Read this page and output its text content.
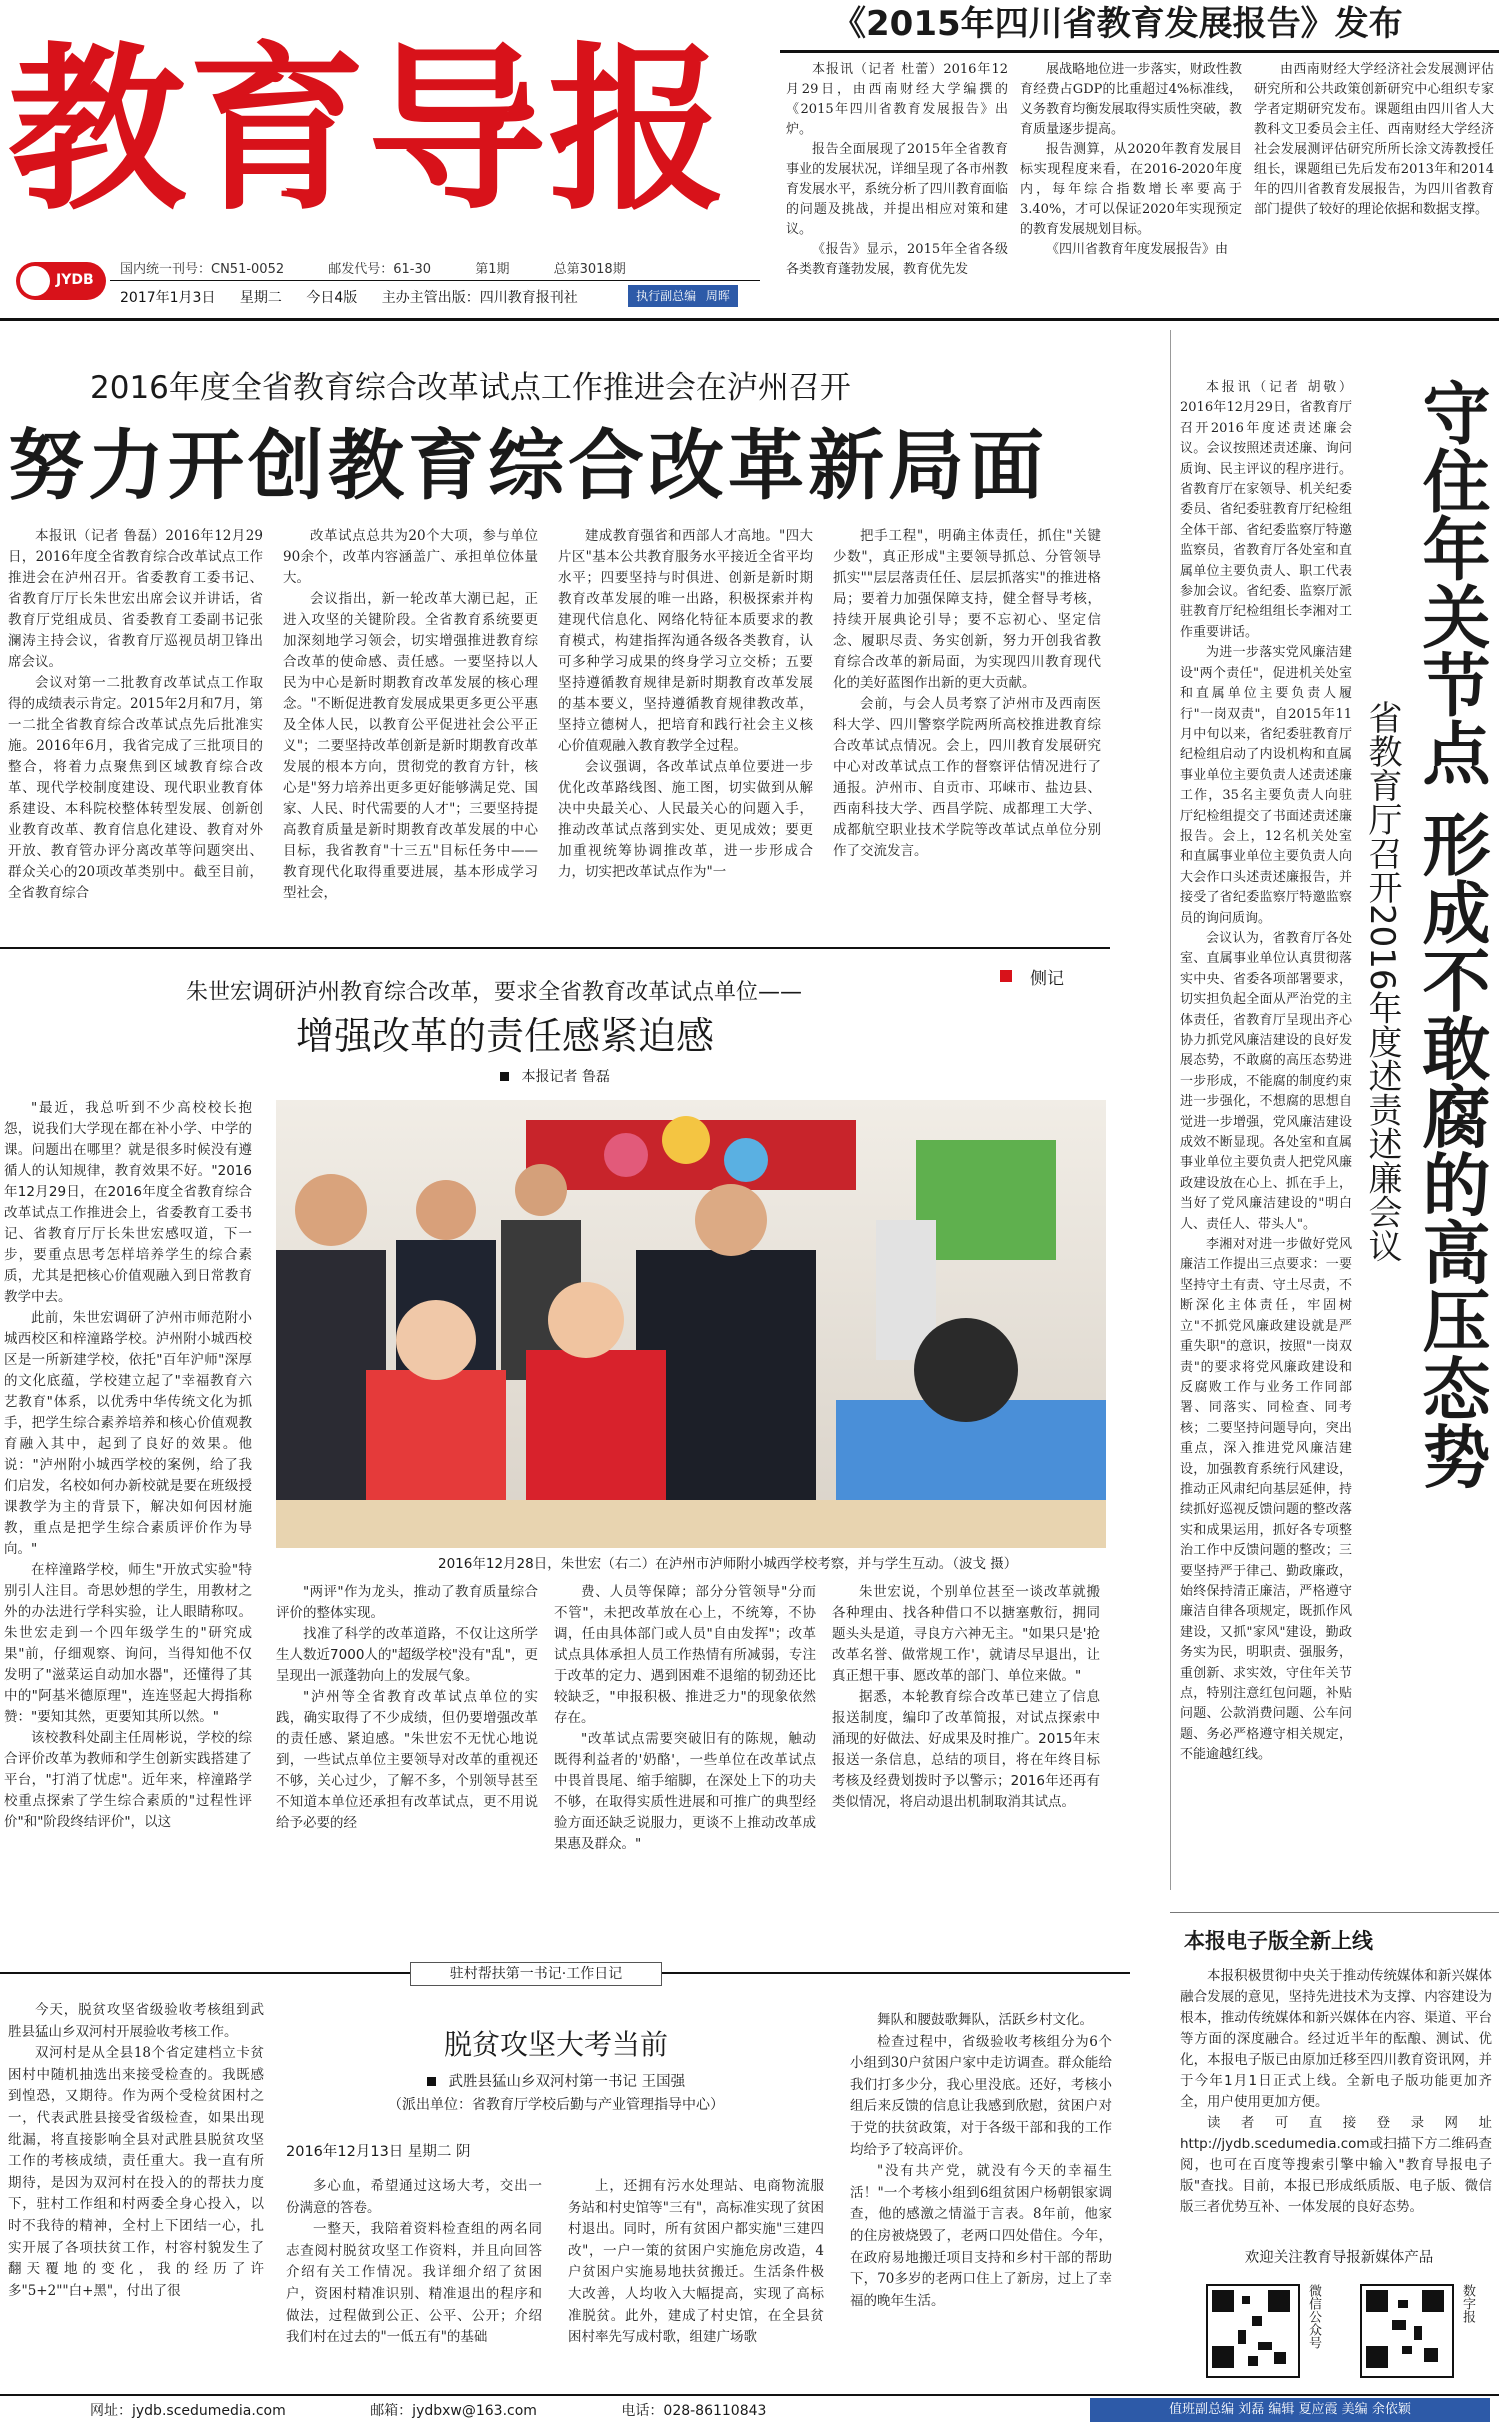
教 育 导 报
国内统一刊号：CN51-0052	邮发代号：61-30	第1期	总第3018期
JYDB
2017年1月3日 星期二 今日4版 主办主管出版：四川教育报刊社	执行副总编 周晖
《2015年四川省教育发展报告》发布

本报讯（记者 杜蕾）2016年12月29日，由西南财经大学编撰的《2015年四川省教育发展报告》出炉。

报告全面展现了2015年全省教育事业的发展状况，详细呈现了各市州教育发展水平，系统分析了四川教育面临的问题及挑战，并提出相应对策和建议。

《报告》显示，2015年全省各级各类教育蓬勃发展，教育优先发

展战略地位进一步落实，财政性教育经费占GDP的比重超过4%标准线，义务教育均衡发展取得实质性突破，教育质量逐步提高。

报告测算，从2020年教育发展目标实现程度来看，在2016-2020年度内，每年综合指数增长率要高于3.40%，才可以保证2020年实现预定的教育发展规划目标。

《四川省教育年度发展报告》由

由西南财经大学经济社会发展测评估研究所和公共政策创新研究中心组织专家学者定期研究发布。课题组由四川省人大教科文卫委员会主任、西南财经大学经济社会发展测评估研究所所长涂文涛教授任组长，课题组已先后发布2013年和2014年的四川省教育发展报告，为四川省教育部门提供了较好的理论依据和数据支撑。

2016年度全省教育综合改革试点工作推进会在泸州召开
努力开创教育综合改革新局面

本报讯（记者 鲁磊）2016年12月29日，2016年度全省教育综合改革试点工作推进会在泸州召开。省委教育工委书记、省教育厅厅长朱世宏出席会议并讲话，省教育厅党组成员、省委教育工委副书记张澜涛主持会议，省教育厅巡视员胡卫锋出席会议。

会议对第一二批教育改革试点工作取得的成绩表示肯定。2015年2月和7月，第一二批全省教育综合改革试点先后批准实施。2016年6月，我省完成了三批项目的整合，将着力点聚焦到区域教育综合改革、现代学校制度建设、现代职业教育体系建设、本科院校整体转型发展、创新创业教育改革、教育信息化建设、教育对外开放、教育管办评分离改革等问题突出、群众关心的20项改革类别中。截至目前，全省教育综合

改革试点总共为20个大项，参与单位90余个，改革内容涵盖广、承担单位体量大。

会议指出，新一轮改革大潮已起，正进入攻坚的关键阶段。全省教育系统要更加深刻地学习领会，切实增强推进教育综合改革的使命感、责任感。一要坚持以人民为中心是新时期教育改革发展的核心理念。"不断促进教育发展成果更多更公平惠及全体人民，以教育公平促进社会公平正义"；二要坚持改革创新是新时期教育改革发展的根本方向，贯彻党的教育方针，核心是"努力培养出更多更好能够满足党、国家、人民、时代需要的人才"；三要坚持提高教育质量是新时期教育改革发展的中心目标，我省教育"十三五"目标任务中——教育现代化取得重要进展，基本形成学习型社会，

建成教育强省和西部人才高地。"四大片区"基本公共教育服务水平接近全省平均水平；四要坚持与时俱进、创新是新时期教育改革发展的唯一出路，积极探索并构建现代信息化、网络化特征本质要求的教育模式，构建指挥沟通各级各类教育，认可多种学习成果的终身学习立交桥；五要坚持遵循教育规律是新时期教育改革发展的基本要义，坚持遵循教育规律教改革，坚持立德树人，把培育和践行社会主义核心价值观融入教育教学全过程。

会议强调，各改革试点单位要进一步优化改革路线图、施工图，切实做到从解决中央最关心、人民最关心的问题入手，推动改革试点落到实处、更见成效；要更加重视统筹协调推改革，进一步形成合力，切实把改革试点作为"一

把手工程"，明确主体责任，抓住"关键少数"，真正形成"主要领导抓总、分管领导抓实""层层落责任任、层层抓落实"的推进格局；要着力加强保障支持，健全督导考核，持续开展典论引导；要不忘初心、坚定信念、履职尽责、务实创新，努力开创我省教育综合改革的新局面，为实现四川教育现代化的美好蓝图作出新的更大贡献。

会前，与会人员考察了泸州市及西南医科大学、四川警察学院两所高校推进教育综合改革试点情况。会上，四川教育发展研究中心对改革试点工作的督察评估情况进行了通报。泸州市、自贡市、邛崃市、盐边县、西南科技大学、西昌学院、成都理工大学、成都航空职业技术学院等改革试点单位分别作了交流发言。	守住年关节点 形成不敢腐的高压态势
省教育厅召开2016年度述责述廉会议

本报讯（记者 胡敬）2016年12月29日，省教育厅召开2016年度述责述廉会议。会议按照述责述廉、询问质询、民主评议的程序进行。省教育厅在家领导、机关纪委委员、省纪委驻教育厅纪检组全体干部、省纪委监察厅特邀监察员，省教育厅各处室和直属单位主要负责人、职工代表参加会议。省纪委、监察厅派驻教育厅纪检组组长李湘对工作重要讲话。

为进一步落实党风廉洁建设"两个责任"，促进机关处室和直属单位主要负责人履行"一岗双责"，自2015年11月中旬以来，省纪委驻教育厅纪检组启动了内设机构和直属事业单位主要负责人述责述廉工作，35名主要负责人向驻厅纪检组提交了书面述责述廉报告。会上，12名机关处室和直属事业单位主要负责人向大会作口头述责述廉报告，并接受了省纪委监察厅特邀监察员的询问质询。

会议认为，省教育厅各处室、直属事业单位认真贯彻落实中央、省委各项部署要求，切实担负起全面从严治党的主体责任，省教育厅呈现出齐心协力抓党风廉洁建设的良好发展态势，不敢腐的高压态势进一步形成，不能腐的制度约束进一步强化，不想腐的思想自觉进一步增强，党风廉洁建设成效不断显现。各处室和直属事业单位主要负责人把党风廉政建设放在心上、抓在手上，当好了党风廉洁建设的"明白人、责任人、带头人"。

李湘对对进一步做好党风廉洁工作提出三点要求：一要坚持守土有责、守土尽责，不断深化主体责任，牢固树立"不抓党风廉政建设就是严重失职"的意识，按照"一岗双责"的要求将党风廉政建设和反腐败工作与业务工作同部署、同落实、同检查、同考核；二要坚持问题导向，突出重点，深入推进党风廉洁建设，加强教育系统行风建设，推动正风肃纪向基层延伸，持续抓好巡视反馈问题的整改落实和成果运用，抓好各专项整治工作中反馈问题的整改；三要坚持严于律己、勤政廉政，始终保持清正廉洁，严格遵守廉洁自律各项规定，既抓作风建设，又抓"家风"建设，勤政务实为民，明职责、强服务，重创新、求实效，守住年关节点，特别注意红包问题，补贴问题、公款消费问题、公车问题、务必严格遵守相关规定，不能逾越红线。

侧记
朱世宏调研泸州教育综合改革，要求全省教育改革试点单位——
增强改革的责任感紧迫感
本报记者 鲁磊

"最近，我总听到不少高校校长抱怨，说我们大学现在都在补小学、中学的课。问题出在哪里？就是很多时候没有遵循人的认知规律，教育效果不好。"2016年12月29日，在2016年度全省教育综合改革试点工作推进会上，省委教育工委书记、省教育厅厅长朱世宏感叹道，下一步，要重点思考怎样培养学生的综合素质，尤其是把核心价值观融入到日常教育教学中去。

此前，朱世宏调研了泸州市师范附小城西校区和梓潼路学校。泸州附小城西校区是一所新建学校，依托"百年沪师"深厚的文化底蕴，学校建立起了"幸福教育六艺教育"体系，以优秀中华传统文化为抓手，把学生综合素养培养和核心价值观教育融入其中，起到了良好的效果。他说："泸州附小城西学校的案例，给了我们启发，名校如何办新校就是要在班级授课教学为主的背景下，解决如何因材施教，重点是把学生综合素质评价作为导向。"

在梓潼路学校，师生"开放式实验"特别引人注目。奇思妙想的学生，用教材之外的办法进行学科实验，让人眼睛称叹。朱世宏走到一个四年级学生的"研究成果"前，仔细观察、询问，当得知他不仅发明了"滋菜运自动加水器"，还懂得了其中的"阿基米德原理"，连连竖起大拇指称赞："要知其然，更要知其所以然。"

该校教科处副主任周彬说，学校的综合评价改革为教师和学生创新实践搭建了平台，"打消了忧虑"。近年来，梓潼路学校重点探索了学生综合素质的"过程性评价"和"阶段终结评价"，以这

2016年12月28日，朱世宏（右二）在泸州市泸师附小城西学校考察，并与学生互动。（波戈 摄）

"两评"作为龙头，推动了教育质量综合评价的整体实现。

找准了科学的改革道路，不仅让这所学生人数近7000人的"超级学校"没有"乱"，更呈现出一派蓬勃向上的发展气象。

"泸州等全省教育改革试点单位的实践，确实取得了不少成绩，但仍要增强改革的责任感、紧迫感。"朱世宏不无忧心地说到，一些试点单位主要领导对改革的重视还不够，关心过少，了解不多，个别领导甚至不知道本单位还承担有改革试点，更不用说给予必要的经

费、人员等保障；部分分管领导"分而不管"，未把改革放在心上，不统筹，不协调，任由具体部门或人员"自由发挥"；改革试点具体承担人员工作热情有所减弱，专注于改革的定力、遇到困难不退缩的韧劲还比较缺乏，"申报积极、推进乏力"的现象依然存在。

"改革试点需要突破旧有的陈规，触动既得利益者的'奶酪'，一些单位在改革试点中畏首畏尾、缩手缩脚，在深处上下的功夫不够，在取得实质性进展和可推广的典型经验方面还缺乏说服力，更谈不上推动改革成果惠及群众。"

朱世宏说，个别单位甚至一谈改革就搬各种理由、找各种借口不以搪塞敷衍，拥同题头头是道，寻良方六神无主。"如果只是'抢改革名誉、做常规工作'，就请尽早退出，让真正想干事、愿改革的部门、单位来做。"

据悉，本轮教育综合改革已建立了信息报送制度，编印了改革简报，对试点探索中涌现的好做法、好成果及时推广。2015年末报送一条信息，总结的项目，将在年终目标考核及经费划拨时予以警示；2016年还再有类似情况，将启动退出机制取消其试点。

驻村帮扶第一书记·工作日记

今天，脱贫攻坚省级验收考核组到武胜县猛山乡双河村开展验收考核工作。

双河村是从全县18个省定建档立卡贫困村中随机抽选出来接受检查的。我既感到惶恐，又期待。作为两个受检贫困村之一，代表武胜县接受省级检查，如果出现纰漏，将直接影响全县对武胜县脱贫攻坚工作的考核成绩，责任重大。我一直有所期待，是因为双河村在投入的的帮扶力度下，驻村工作组和村两委全身心投入，以时不我待的精神，全村上下团结一心，扎实开展了各项扶贫工作，村容村貌发生了翻天覆地的变化，我的经历了许多"5+2""白+黑"，付出了很

脱贫攻坚大考当前
武胜县猛山乡双河村第一书记 王国强
（派出单位：省教育厅学校后勤与产业管理指导中心）
2016年12月13日 星期二 阴

多心血，希望通过这场大考，交出一份满意的答卷。

一整天，我陪着资料检查组的两名同志查阅村脱贫攻坚工作资料，并且向回答介绍有关工作情况。我详细介绍了贫困户，资困村精准识别、精准退出的程序和做法，过程做到公正、公平、公开；介绍我们村在过去的"一低五有"的基础

上，还拥有污水处理站、电商物流服务站和村史馆等"三有"，高标准实现了贫困村退出。同时，所有贫困户都实施"三建四改"，一户一策的贫困户实施危房改造，4户贫困户实施易地扶贫搬迁。生活条件极大改善，人均收入大幅提高，实现了高标准脱贫。此外，建成了村史馆，在全县贫困村率先写成村歌，组建广场歌

舞队和腰鼓歌舞队，活跃乡村文化。

检查过程中，省级验收考核组分为6个小组到30户贫困户家中走访调查。群众能给我们打多少分，我心里没底。还好，考核小组后来反馈的信息让我感到欣慰，贫困户对于党的扶贫政策，对于各级干部和我的工作均给予了较高评价。

"没有共产党，就没有今天的幸福生活！"一个考核小组到6组贫困户杨朝银家调查，他的感激之情溢于言表。8年前，他家的住房被烧毁了，老两口四处借住。今年，在政府易地搬迁项目支持和乡村干部的帮助下，70多岁的老两口住上了新房，过上了幸福的晚年生活。

本报电子版全新上线

本报积极贯彻中央关于推动传统媒体和新兴媒体融合发展的意见，坚持先进技术为支撑、内容建设为根本，推动传统媒体和新兴媒体在内容、渠道、平台等方面的深度融合。经过近半年的酝酿、测试、优化，本报电子版已由原加迁移至四川教育资讯网，并于今年1月1日正式上线。全新电子版功能更加齐全，用户使用更加方便。

读者可直接登录网址 http://jydb.scedumedia.com或扫描下方二维码查阅，也可在百度等搜索引擎中输入"教育导报电子版"查找。目前，本报已形成纸质版、电子版、微信版三者优势互补、一体发展的良好态势。

欢迎关注教育导报新媒体产品
微信公众号	数字报
网址：jydb.scedumedia.com	邮箱：jydbxw@163.com	电话：028-86110843	值班副总编 刘磊 编辑 夏应霞 美编 余依颖
